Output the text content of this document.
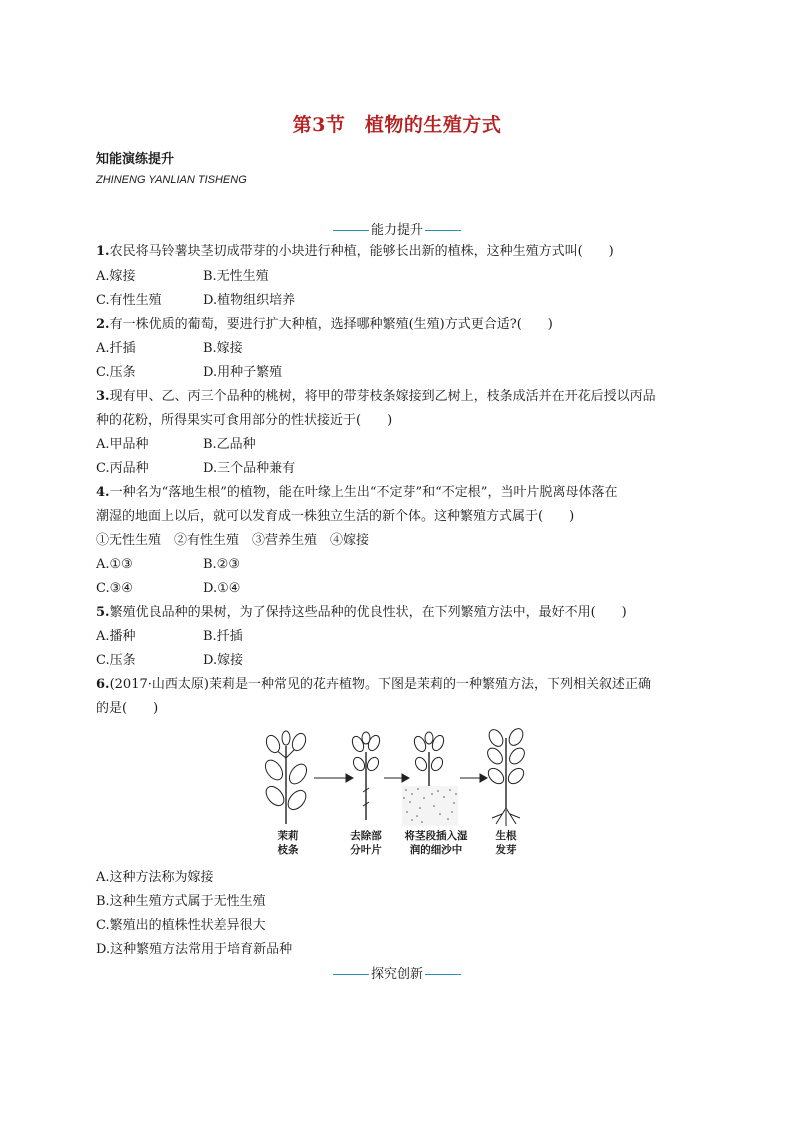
第3节　植物的生殖方式
知能演练提升
ZHINENG YANLIAN TISHENG
能力提升
1.农民将马铃薯块茎切成带芽的小块进行种植，能够长出新的植株，这种生殖方式叫(　　)
A.嫁接	B.无性生殖
C.有性生殖	D.植物组织培养
2.有一株优质的葡萄，要进行扩大种植，选择哪种繁殖(生殖)方式更合适?(　　)
A.扦插	B.嫁接
C.压条	D.用种子繁殖
3.现有甲、乙、丙三个品种的桃树，将甲的带芽枝条嫁接到乙树上，枝条成活并在开花后授以丙品
种的花粉，所得果实可食用部分的性状接近于(　　)
A.甲品种	B.乙品种
C.丙品种	D.三个品种兼有
4.一种名为“落地生根”的植物，能在叶缘上生出“不定芽”和“不定根”，当叶片脱离母体落在
潮湿的地面上以后，就可以发育成一株独立生活的新个体。这种繁殖方式属于(　　)
①无性生殖　②有性生殖　③营养生殖　④嫁接
A.①③	B.②③
C.③④	D.①④
5.繁殖优良品种的果树，为了保持这些品种的优良性状，在下列繁殖方法中，最好不用(　　)
A.播种	B.扦插
C.压条	D.嫁接
6.(2017·山西太原)茉莉是一种常见的花卉植物。下图是茉莉的一种繁殖方法，下列相关叙述正确
的是(　　)
茉莉
枝条
去除部
分叶片
将茎段插入湿
润的细沙中
生根
发芽
A.这种方法称为嫁接
B.这种生殖方式属于无性生殖
C.繁殖出的植株性状差异很大
D.这种繁殖方法常用于培育新品种
探究创新
